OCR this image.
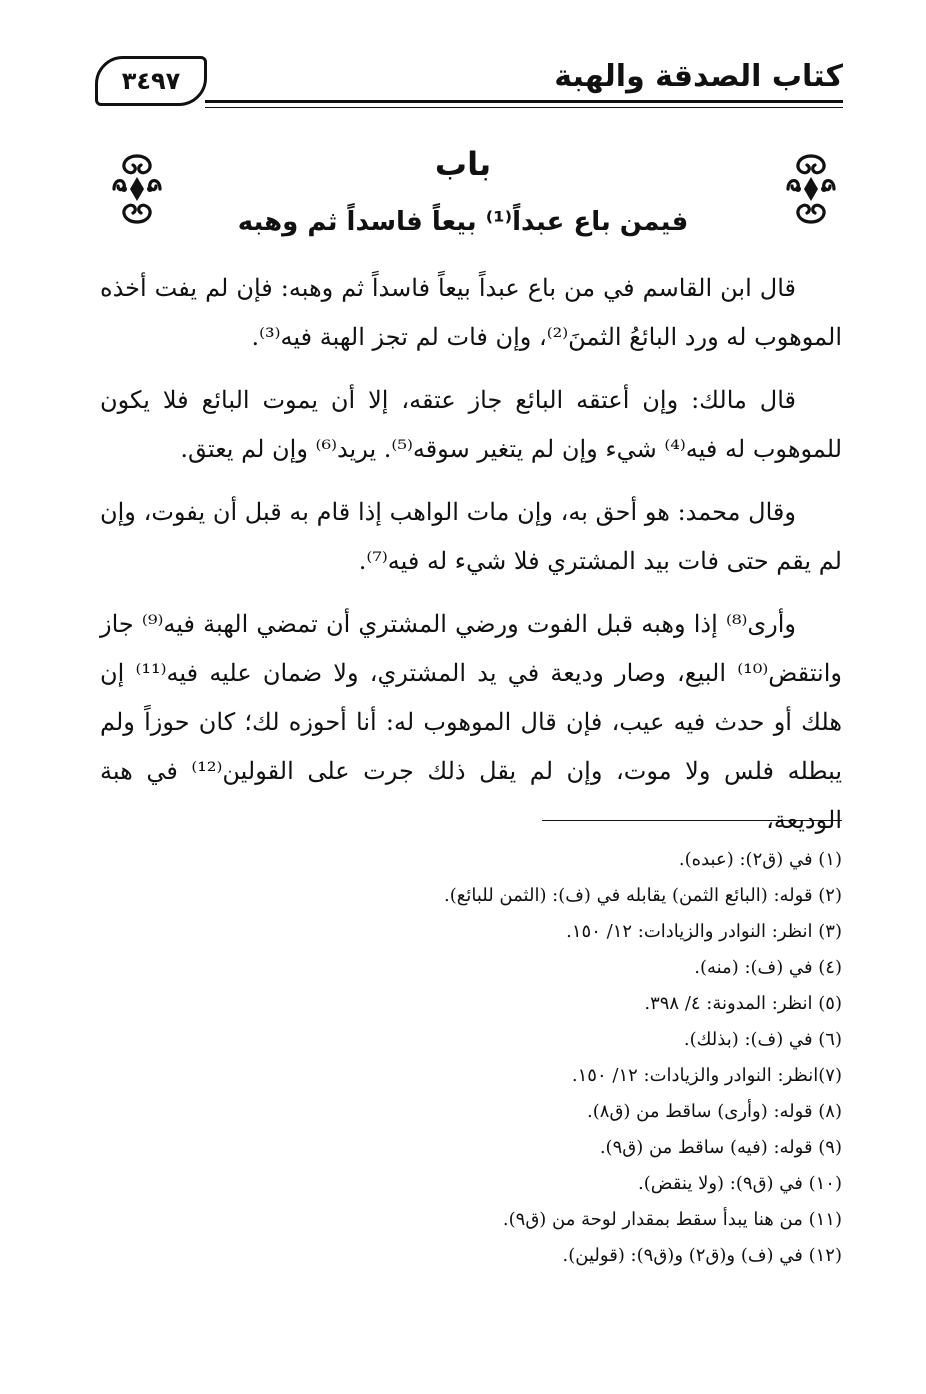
كتاب الصدقة والهبة
٣٤٩٧
باب
فيمن باع عبداً⁽¹⁾ بيعاً فاسداً ثم وهبه

قال ابن القاسم في من باع عبداً بيعاً فاسداً ثم وهبه: فإن لم يفت أخذه الموهوب له ورد البائعُ الثمنَ⁽²⁾، وإن فات لم تجز الهبة فيه⁽³⁾.

قال مالك: وإن أعتقه البائع جاز عتقه، إلا أن يموت البائع فلا يكون للموهوب له فيه⁽⁴⁾ شيء وإن لم يتغير سوقه⁽⁵⁾. يريد⁽⁶⁾ وإن لم يعتق.

وقال محمد: هو أحق به، وإن مات الواهب إذا قام به قبل أن يفوت، وإن لم يقم حتى فات بيد المشتري فلا شيء له فيه⁽⁷⁾.

وأرى⁽⁸⁾ إذا وهبه قبل الفوت ورضي المشتري أن تمضي الهبة فيه⁽⁹⁾ جاز وانتقض⁽¹⁰⁾ البيع، وصار وديعة في يد المشتري، ولا ضمان عليه فيه⁽¹¹⁾ إن هلك أو حدث فيه عيب، فإن قال الموهوب له: أنا أحوزه لك؛ كان حوزاً ولم يبطله فلس ولا موت، وإن لم يقل ذلك جرت على القولين⁽¹²⁾ في هبة الوديعة،

(١) في (ق٢): (عبده).
(٢) قوله: (البائع الثمن) يقابله في (ف): (الثمن للبائع).
(٣) انظر: النوادر والزيادات: ١٢/ ١٥٠.
(٤) في (ف): (منه).
(٥) انظر: المدونة: ٤/ ٣٩٨.
(٦) في (ف): (بذلك).
(٧)انظر: النوادر والزيادات: ١٢/ ١٥٠.
(٨) قوله: (وأرى) ساقط من (ق٨).
(٩) قوله: (فيه) ساقط من (ق٩).
(١٠) في (ق٩): (ولا ينقض).
(١١) من هنا يبدأ سقط بمقدار لوحة من (ق٩).
(١٢) في (ف) و(ق٢) و(ق٩): (قولين).
